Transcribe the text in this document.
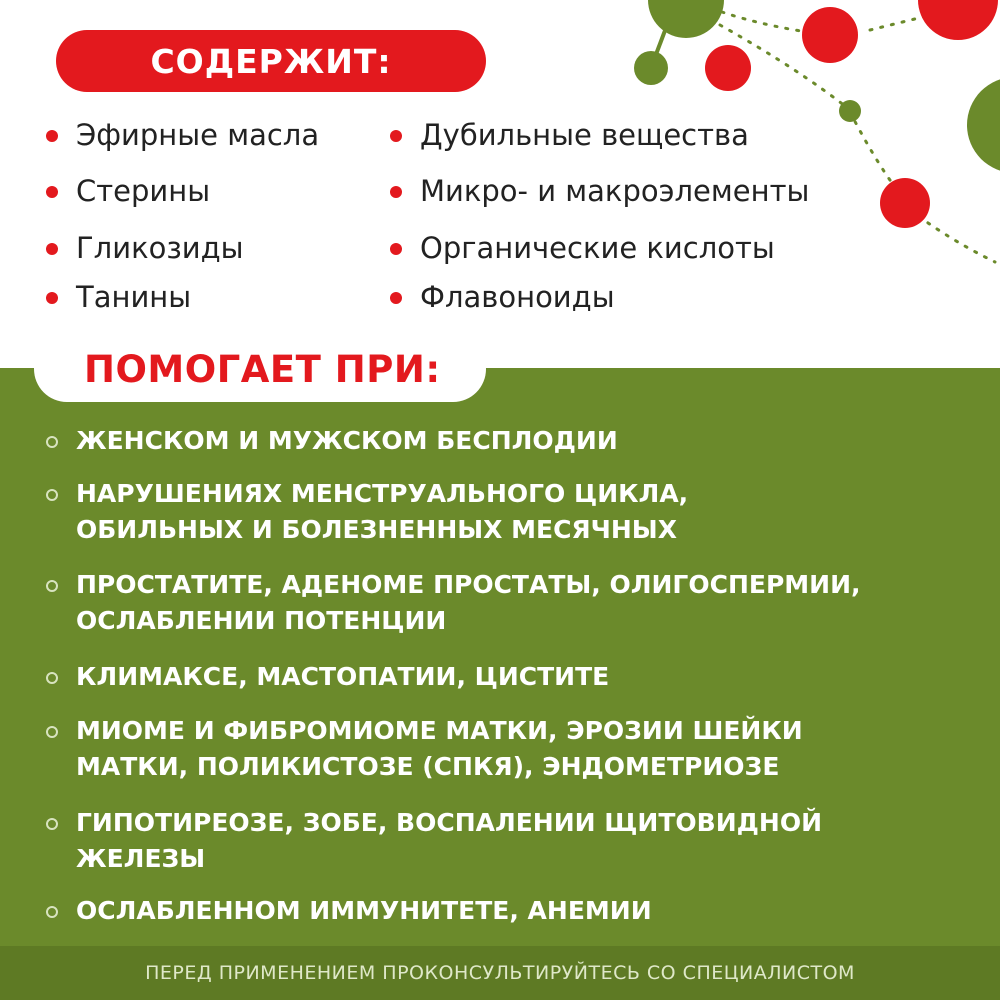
СОДЕРЖИТ:
Эфирные масла
Стерины
Гликозиды
Танины
Дубильные вещества
Микро- и макроэлементы
Органические кислоты
Флавоноиды
ПОМОГАЕТ ПРИ:
ЖЕНСКОМ И МУЖСКОМ БЕСПЛОДИИ
НАРУШЕНИЯХ МЕНСТРУАЛЬНОГО ЦИКЛА,
ОБИЛЬНЫХ И БОЛЕЗНЕННЫХ МЕСЯЧНЫХ
ПРОСТАТИТЕ, АДЕНОМЕ ПРОСТАТЫ, ОЛИГОСПЕРМИИ,
ОСЛАБЛЕНИИ ПОТЕНЦИИ
КЛИМАКСЕ, МАСТОПАТИИ, ЦИСТИТЕ
МИОМЕ И ФИБРОМИОМЕ МАТКИ, ЭРОЗИИ ШЕЙКИ
МАТКИ, ПОЛИКИСТОЗЕ (СПКЯ), ЭНДОМЕТРИОЗЕ
ГИПОТИРЕОЗЕ, ЗОБЕ, ВОСПАЛЕНИИ ЩИТОВИДНОЙ
ЖЕЛЕЗЫ
ОСЛАБЛЕННОМ ИММУНИТЕТЕ, АНЕМИИ
ПЕРЕД ПРИМЕНЕНИЕМ ПРОКОНСУЛЬТИРУЙТЕСЬ СО СПЕЦИАЛИСТОМ
